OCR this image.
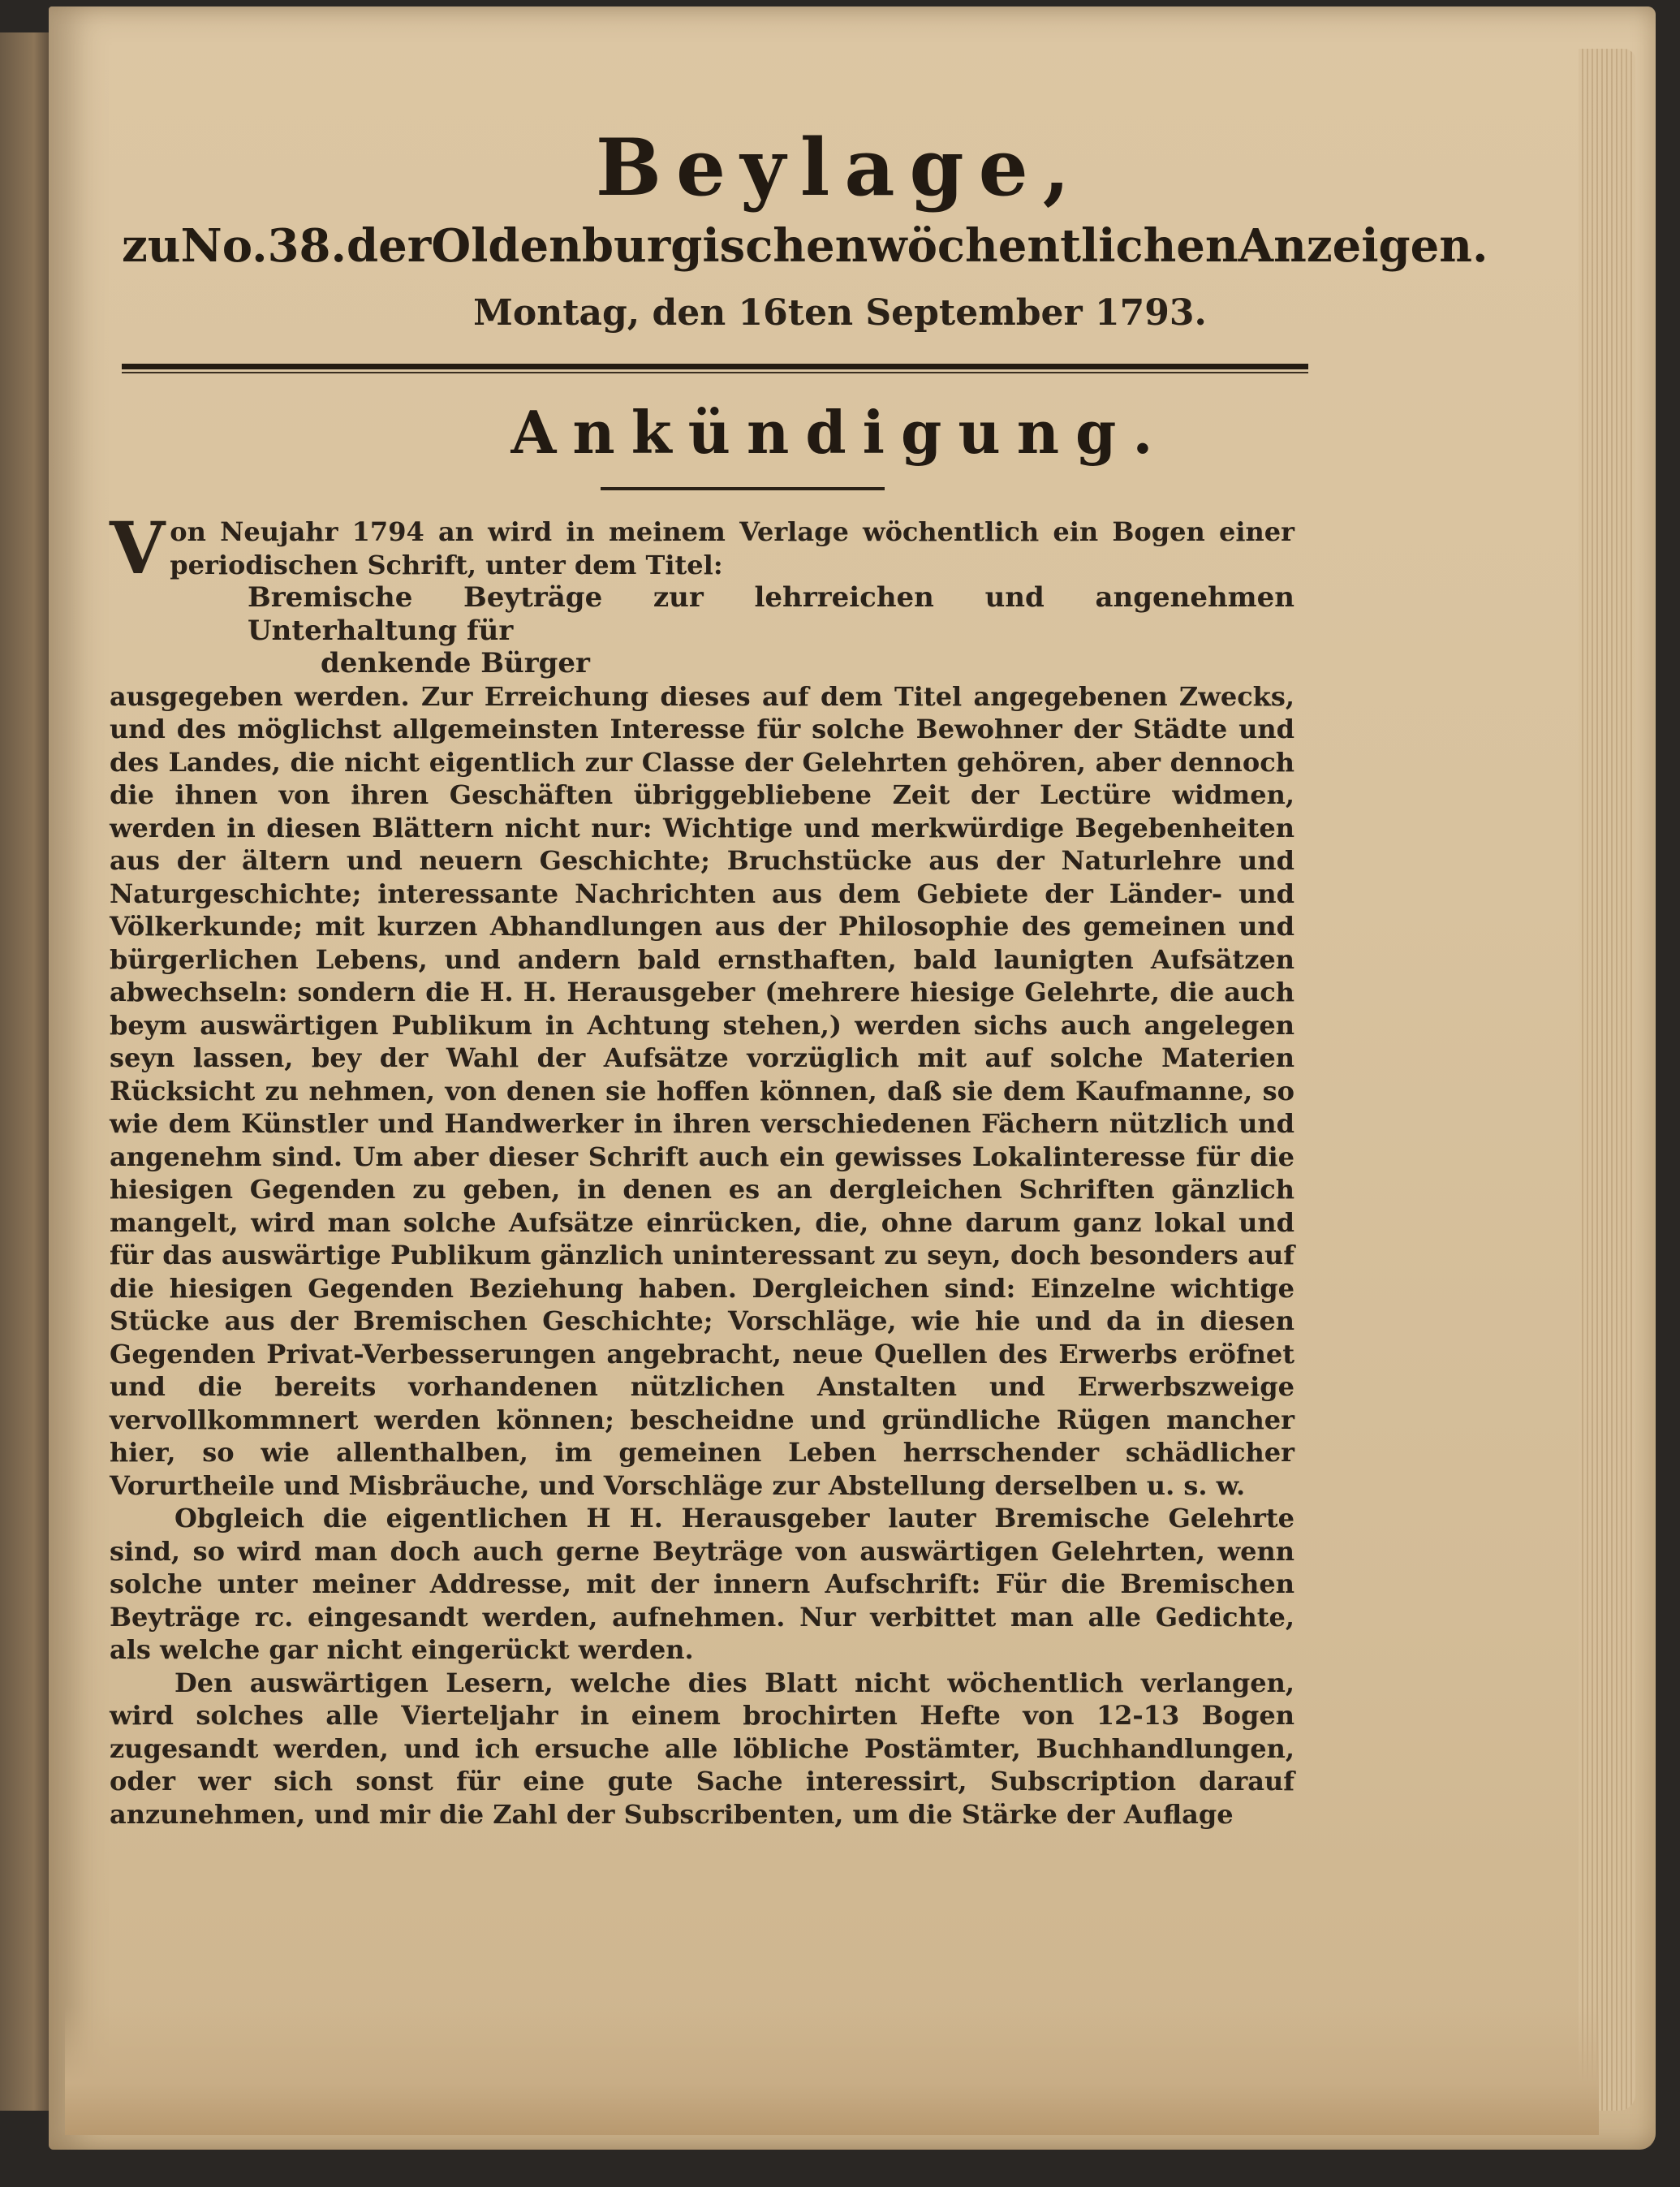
Beylage,
zu No. 38. der Oldenburgischen wöchentlichen Anzeigen.
Montag, den 16ten September 1793.
Ankündigung.

Von Neujahr 1794 an wird in meinem Verlage wöchentlich ein Bogen einer periodischen Schrift, unter dem Titel:

Bremische Beyträge zur lehrreichen und angenehmen Unterhaltung für

denkende Bürger

ausgegeben werden. Zur Erreichung dieses auf dem Titel angegebenen Zwecks, und des möglichst allgemeinsten Interesse für solche Bewohner der Städte und des Landes, die nicht eigentlich zur Classe der Gelehrten gehören, aber dennoch die ihnen von ihren Geschäften übriggebliebene Zeit der Lectüre widmen, werden in diesen Blättern nicht nur: Wichtige und merkwürdige Begebenheiten aus der ältern und neuern Geschichte; Bruchstücke aus der Naturlehre und Naturgeschichte; interessante Nachrichten aus dem Gebiete der Länder- und Völkerkunde; mit kurzen Abhandlungen aus der Philosophie des gemeinen und bürgerlichen Lebens, und andern bald ernsthaften, bald launigten Aufsätzen abwechseln: sondern die H. H. Herausgeber (mehrere hiesige Gelehrte, die auch beym auswärtigen Publikum in Achtung stehen,) werden sichs auch angelegen seyn lassen, bey der Wahl der Aufsätze vorzüglich mit auf solche Materien Rücksicht zu nehmen, von denen sie hoffen können, daß sie dem Kaufmanne, so wie dem Künstler und Handwerker in ihren verschiedenen Fächern nützlich und angenehm sind. Um aber dieser Schrift auch ein gewisses Lokalinteresse für die hiesigen Gegenden zu geben, in denen es an dergleichen Schriften gänzlich mangelt, wird man solche Aufsätze einrücken, die, ohne darum ganz lokal und für das auswärtige Publikum gänzlich uninteressant zu seyn, doch besonders auf die hiesigen Gegenden Beziehung haben. Dergleichen sind: Einzelne wichtige Stücke aus der Bremischen Geschichte; Vorschläge, wie hie und da in diesen Gegenden Privat-Verbesserungen angebracht, neue Quellen des Erwerbs eröfnet und die bereits vorhandenen nützlichen Anstalten und Erwerbszweige vervollkommnert werden können; bescheidne und gründliche Rügen mancher hier, so wie allenthalben, im gemeinen Leben herrschender schädlicher Vorurtheile und Misbräuche, und Vorschläge zur Abstellung derselben u. s. w.

Obgleich die eigentlichen H H. Herausgeber lauter Bremische Gelehrte sind, so wird man doch auch gerne Beyträge von auswärtigen Gelehrten, wenn solche unter meiner Addresse, mit der innern Aufschrift: Für die Bremischen Beyträge rc. eingesandt werden, aufnehmen. Nur verbittet man alle Gedichte, als welche gar nicht eingerückt werden.

Den auswärtigen Lesern, welche dies Blatt nicht wöchentlich verlangen, wird solches alle Vierteljahr in einem brochirten Hefte von 12-13 Bogen zugesandt werden, und ich ersuche alle löbliche Postämter, Buchhandlungen, oder wer sich sonst für eine gute Sache interessirt, Subscription darauf anzunehmen, und mir die Zahl der Subscribenten, um die Stärke der Auflage
